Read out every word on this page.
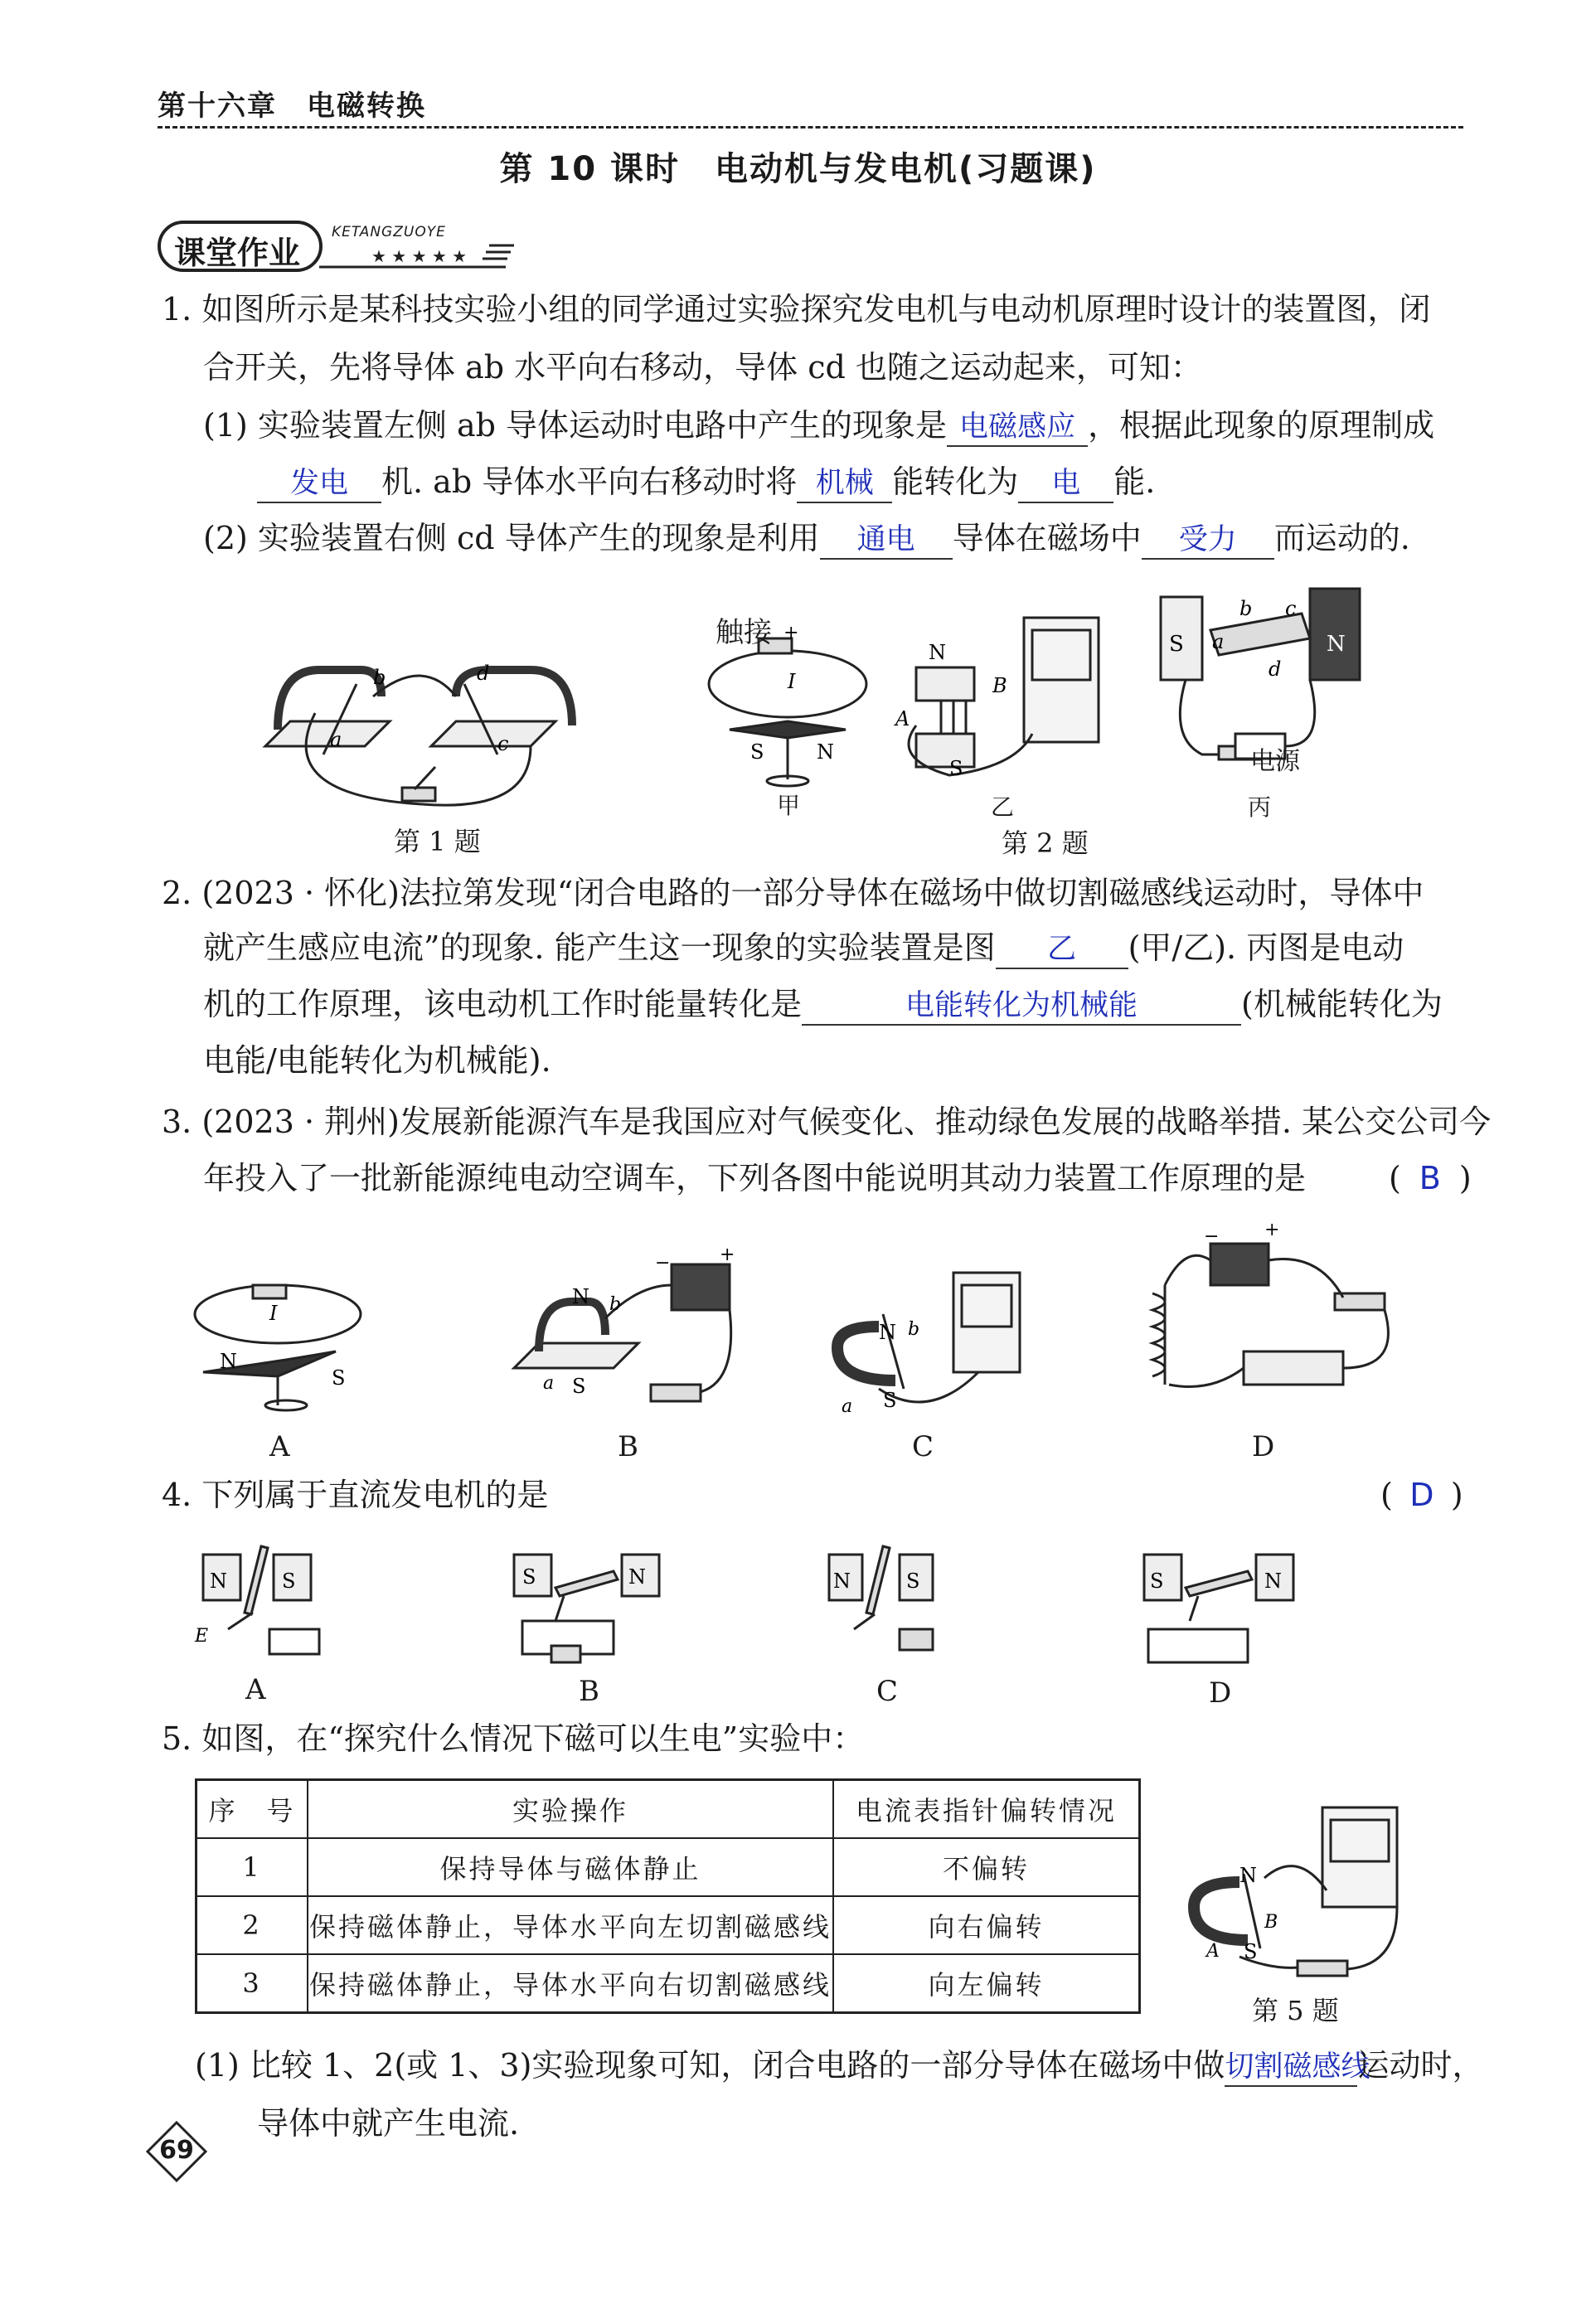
第十六章　电磁转换
第 10 课时　电动机与发电机(习题课)
★ ★ ★ ★ ★
课堂作业
KETANGZUOYE
1. 如图所示是某科技实验小组的同学通过实验探究发电机与电动机原理时设计的装置图，闭
合开关，先将导体 ab 水平向右移动，导体 cd 也随之运动起来，可知：
(1) 实验装置左侧 ab 导体运动时电路中产生的现象是 电磁感应 ，根据此现象的原理制成
发电 机. ab 导体水平向右移动时将 机械 能转化为 电 能.
(2) 实验装置右侧 cd 导体产生的现象是利用 通电 导体在磁场中 受力 而运动的.
b	d
a	c
第 1 题
I
S	N
+
触接
甲
N
S
B
A
乙
S	N
b c
a
d
电源
丙
第 2 题
2. (2023 · 怀化)法拉第发现“闭合电路的一部分导体在磁场中做切割磁感线运动时，导体中
就产生感应电流”的现象. 能产生这一现象的实验装置是图 乙 (甲/乙). 丙图是电动
机的工作原理，该电动机工作时能量转化是	电能转化为机械能	(机械能转化为
电能/电能转化为机械能).
3. (2023 · 荆州)发展新能源汽车是我国应对气候变化、推动绿色发展的战略举措. 某公交公司今
年投入了一批新能源纯电动空调车，下列各图中能说明其动力装置工作原理的是	( B )
I
N
S
N
S
a
b
−	+
N
S
b
a
− +
A	B	C	D
4. 下列属于直流发电机的是	( D )
N	S
E
S	N	N	S	S	N
A	B	C	D
5. 如图，在“探究什么情况下磁可以生电”实验中：
序　号	实验操作	电流表指针偏转情况
1	保持导体与磁体静止	不偏转
2	保持磁体静止，导体水平向左切割磁感线	向右偏转
3	保持磁体静止，导体水平向右切割磁感线	向左偏转
N
S
B
A
第 5 题
(1) 比较 1、2(或 1、3)实验现象可知，闭合电路的一部分导体在磁场中做切割磁感线运动时，
导体中就产生电流.
69
